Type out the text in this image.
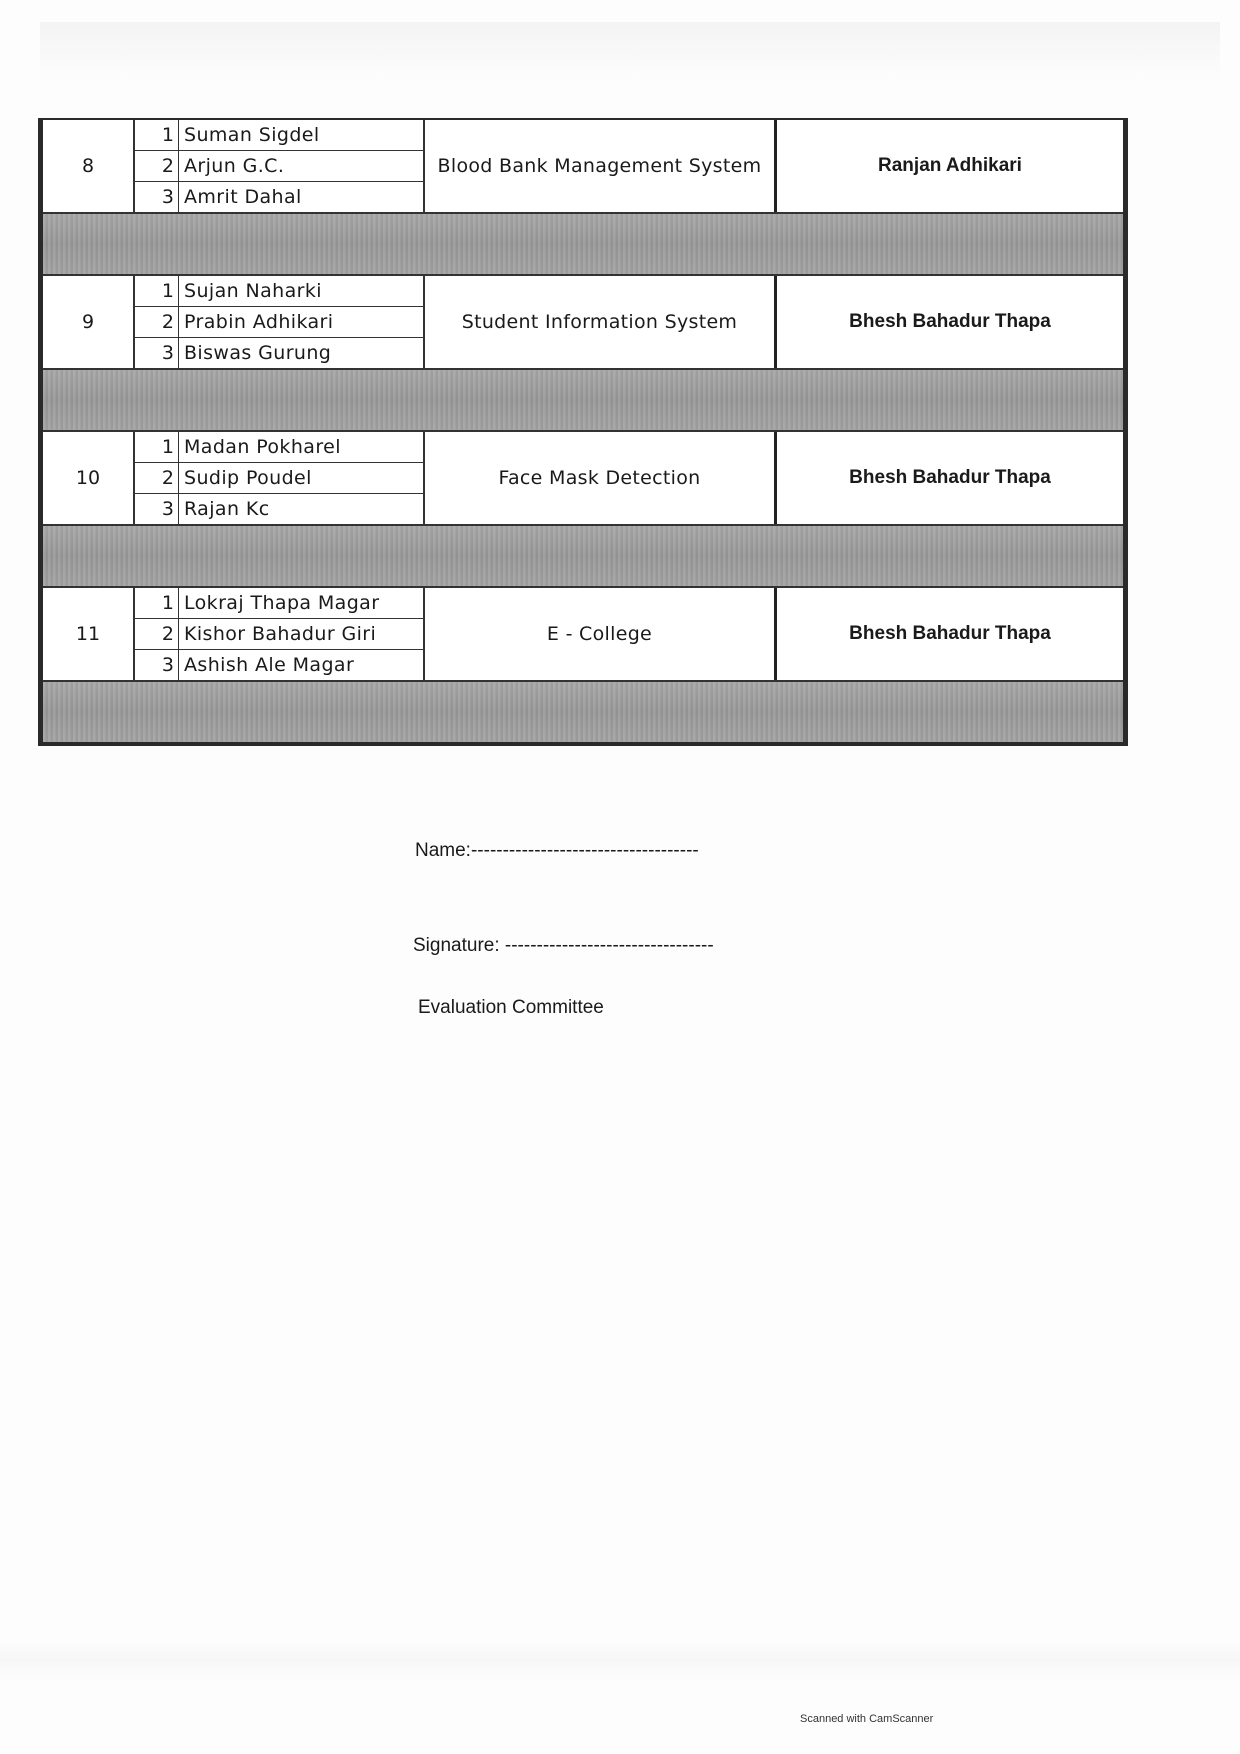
8
1 Suman Sigdel
2 Arjun G.C.
3 Amrit Dahal
Blood Bank Management System	Ranjan Adhikari
9
1 Sujan Naharki
2 Prabin Adhikari
3 Biswas Gurung
Student Information System	Bhesh Bahadur Thapa
10
1 Madan Pokharel
2 Sudip Poudel
3 Rajan Kc
Face Mask Detection	Bhesh Bahadur Thapa
11
1 Lokraj Thapa Magar
2 Kishor Bahadur Giri
3 Ashish Ale Magar
E - College	Bhesh Bahadur Thapa
Name:------------------------------------
Signature: ---------------------------------
Evaluation Committee
Scanned with CamScanner
